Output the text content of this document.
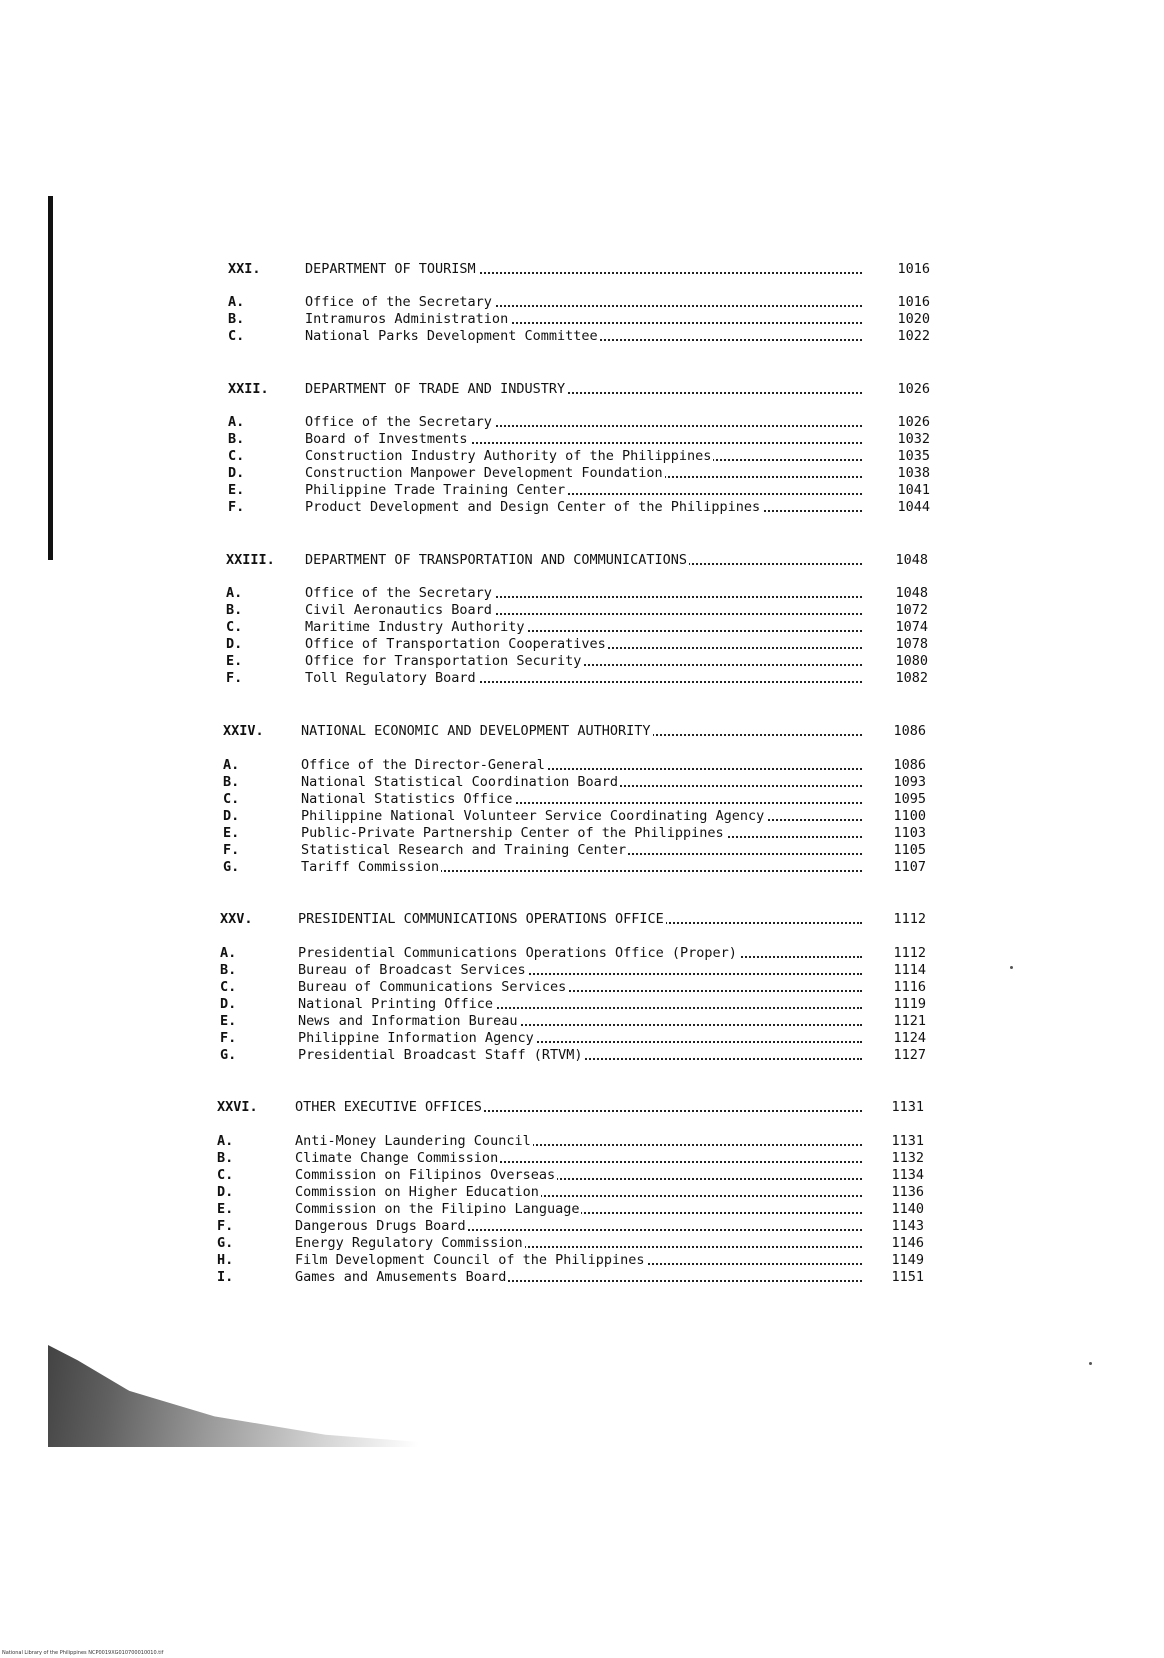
XXI.	DEPARTMENT OF TOURISM	1016
A.	Office of the Secretary	1016
B.	Intramuros Administration	1020
C.	National Parks Development Committee	1022
XXII.	DEPARTMENT OF TRADE AND INDUSTRY	1026
A.	Office of the Secretary	1026
B.	Board of Investments	1032
C.	Construction Industry Authority of the Philippines	1035
D.	Construction Manpower Development Foundation	1038
E.	Philippine Trade Training Center	1041
F.	Product Development and Design Center of the Philippines	1044
XXIII. DEPARTMENT OF TRANSPORTATION AND COMMUNICATIONS	1048
A.	Office of the Secretary	1048
B.	Civil Aeronautics Board	1072
C.	Maritime Industry Authority	1074
D.	Office of Transportation Cooperatives	1078
E.	Office for Transportation Security	1080
F.	Toll Regulatory Board	1082
XXIV.	NATIONAL ECONOMIC AND DEVELOPMENT AUTHORITY	1086
A.	Office of the Director-General	1086
B.	National Statistical Coordination Board	1093
C.	National Statistics Office	1095
D.	Philippine National Volunteer Service Coordinating Agency	1100
E.	Public-Private Partnership Center of the Philippines	1103
F.	Statistical Research and Training Center	1105
G.	Tariff Commission	1107
XXV.	PRESIDENTIAL COMMUNICATIONS OPERATIONS OFFICE	1112
A.	Presidential Communications Operations Office (Proper)	1112
B.	Bureau of Broadcast Services	1114
C.	Bureau of Communications Services	1116
D.	National Printing Office	1119
E.	News and Information Bureau	1121
F.	Philippine Information Agency	1124
G.	Presidential Broadcast Staff (RTVM)	1127
XXVI.	OTHER EXECUTIVE OFFICES	1131
A.	Anti-Money Laundering Council	1131
B.	Climate Change Commission	1132
C.	Commission on Filipinos Overseas	1134
D.	Commission on Higher Education	1136
E.	Commission on the Filipino Language	1140
F.	Dangerous Drugs Board	1143
G.	Energy Regulatory Commission	1146
H.	Film Development Council of the Philippines	1149
I.	Games and Amusements Board	1151
National Library of the Philippines NCP0019XG010700010010.tif
